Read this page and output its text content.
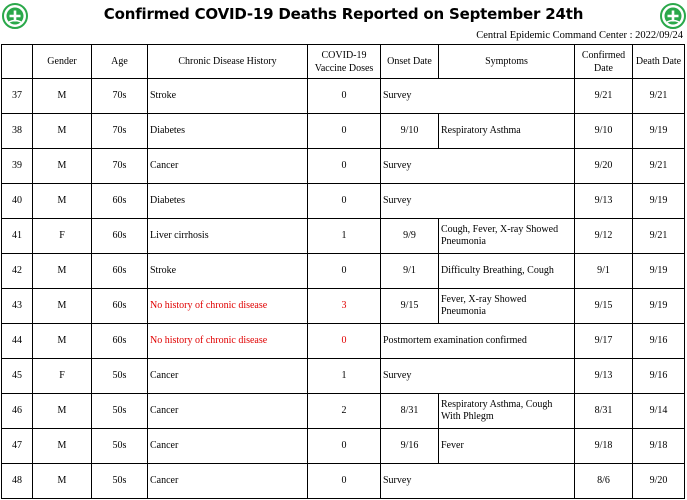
Confirmed COVID-19 Deaths Reported on September 24th
Central Epidemic Command Center : 2022/09/24
	Gender	Age	Chronic Disease History	COVID-19 Vaccine Doses	Onset Date	Symptoms	Confirmed Date	Death Date
37	M	70s	Stroke	0	Survey		9/21	9/21
38	M	70s	Diabetes	0	9/10	Respiratory Asthma	9/10	9/19
39	M	70s	Cancer	0	Survey		9/20	9/21
40	M	60s	Diabetes	0	Survey		9/13	9/19
41	F	60s	Liver cirrhosis	1	9/9	Cough, Fever, X-ray Showed Pneumonia	9/12	9/21
42	M	60s	Stroke	0	9/1	Difficulty Breathing, Cough	9/1	9/19
43	M	60s	No history of chronic disease	3	9/15	Fever, X-ray Showed Pneumonia	9/15	9/19
44	M	60s	No history of chronic disease	0	Postmortem examination confirmed		9/17	9/16
45	F	50s	Cancer	1	Survey		9/13	9/16
46	M	50s	Cancer	2	8/31	Respiratory Asthma, Cough With Phlegm	8/31	9/14
47	M	50s	Cancer	0	9/16	Fever	9/18	9/18
48	M	50s	Cancer	0	Survey		8/6	9/20
